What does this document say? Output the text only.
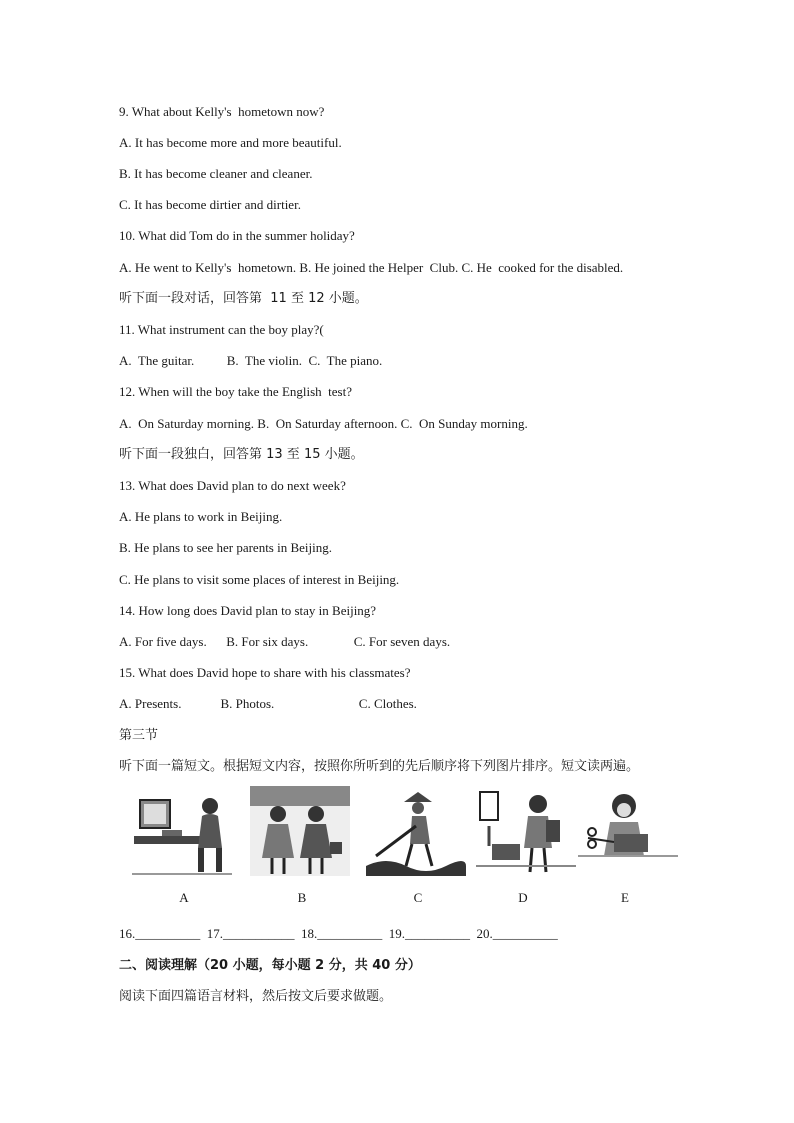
9. What about Kelly's  hometown now?
A. It has become more and more beautiful.
B. It has become cleaner and cleaner.
C. It has become dirtier and dirtier.
10. What did Tom do in the summer holiday?
A. He went to Kelly's  hometown. B. He joined the Helper  Club. C. He  cooked for the disabled.
听下面一段对话，回答第  11 至 12 小题。
11. What instrument can the boy play?(
A.  The guitar.          B.  The violin.  C.  The piano.
12. When will the boy take the English  test?
A.  On Saturday morning. B.  On Saturday afternoon. C.  On Sunday morning.
听下面一段独白，回答第 13 至 15 小题。
13. What does David plan to do next week?
A. He plans to work in Beijing.
B. He plans to see her parents in Beijing.
C. He plans to visit some places of interest in Beijing.
14. How long does David plan to stay in Beijing?
A. For five days.      B. For six days.              C. For seven days.
15. What does David hope to share with his classmates?
A. Presents.            B. Photos.                          C. Clothes.
第三节
听下面一篇短文。根据短文内容，按照你所听到的先后顺序将下列图片排序。短文读两遍。
A	B	C	D	E
16.__________  17.___________  18.__________  19.__________  20.__________
二、阅读理解（20 小题，每小题 2 分，共 40 分）
阅读下面四篇语言材料，然后按文后要求做题。
